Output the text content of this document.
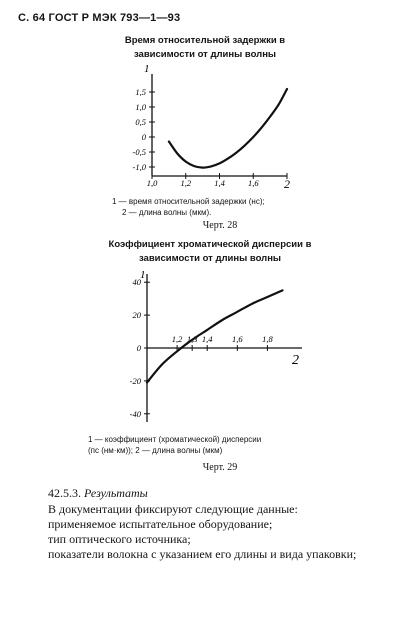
С. 64 ГОСТ Р МЭК 793—1—93
Время относительной задержки в
зависимости от длины волны
1
1,5
1,0
0,5
0
-0,5
-1,0
1,0	1,2	1,4	1,6 2
1
2
40
20
0
-20
-40
1,2 1,3 1,4 1,6 1,8
1 — время относительной задержки (нс);
2 — длина волны (мкм).
Черт. 28
Коэффициент хроматической дисперсии в
зависимости от длины волны
1 — коэффициент (хроматической) дисперсии
(пс (нм·км)); 2 — длина волны (мкм)
Черт. 29
42.5.3. Результаты
В документации фиксируют следующие данные:
применяемое испытательное оборудование;
тип оптического источника;
показатели волокна с указанием его длины и вида упаковки;
